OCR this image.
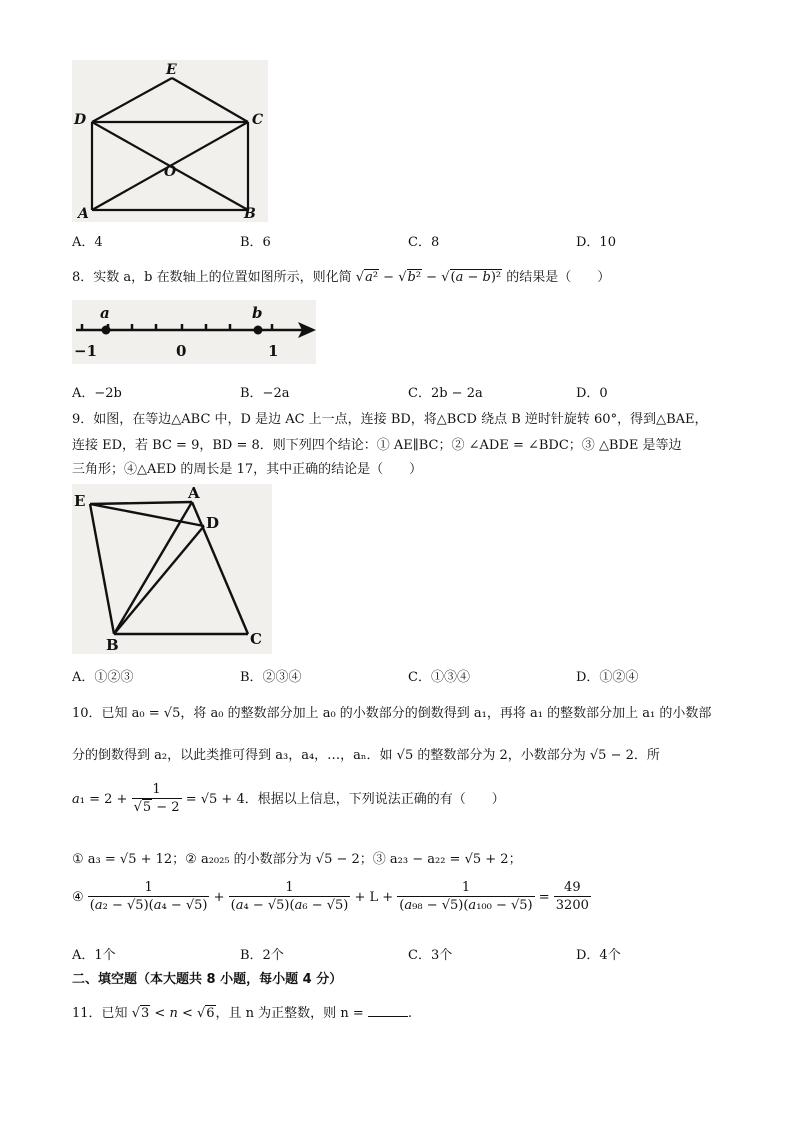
E
D	C
O
A	B
A．4	B．6	C．8	D．10
8．实数 a，b 在数轴上的位置如图所示，则化简 √a² − √b² − √(a − b)² 的结果是（　　）
a	b
−1	0	1
A．−2b	B．−2a	C．2b − 2a	D．0
9．如图，在等边△ABC 中，D 是边 AC 上一点，连接 BD，将△BCD 绕点 B 逆时针旋转 60°，得到△BAE，
连接 ED，若 BC = 9，BD = 8．则下列四个结论：① AE∥BC；② ∠ADE = ∠BDC；③ △BDE 是等边
三角形；④△AED 的周长是 17，其中正确的结论是（　　）
E	A
D
B	C
A．①②③	B．②③④	C．①③④	D．①②④
10．已知 a₀ = √5，将 a₀ 的整数部分加上 a₀ 的小数部分的倒数得到 a₁，再将 a₁ 的整数部分加上 a₁ 的小数部
分的倒数得到 a₂，以此类推可得到 a₃，a₄，…，aₙ．如 √5 的整数部分为 2，小数部分为 √5 − 2．所
$a_1 = 2 + \frac{1}{√5 - 2} = √5 + 4$．根据以上信息，下列说法正确的有（　　）
① a₃ = √5 + 12；② a₂₀₂₅ 的小数部分为 √5 − 2；③ a₂₃ − a₂₂ = √5 + 2；
④ $\frac{1}{\text{(a₂ − √5)(a₄ − √5)}} + \frac{1}{\text{(a₄ − √5)(a₆ − √5)}} + L + \frac{1}{\text{(a₉₈ − √5)(a₁₀₀ − √5)}} = \frac{49}{3200}$
A．1个	B．2个	C．3个	D．4个
二、填空题（本大题共 8 小题，每小题 4 分）
11．已知 √3 < n < √6，且 n 为正整数，则 n =	.
